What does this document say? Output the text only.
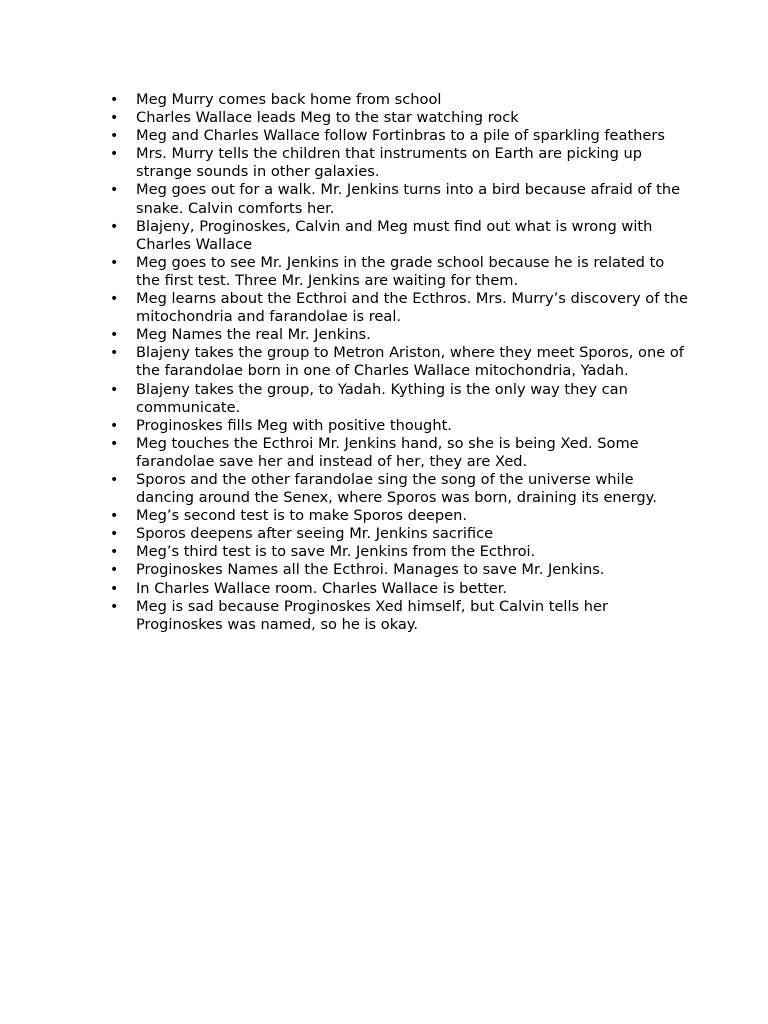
• Meg Murry comes back home from school
• Charles Wallace leads Meg to the star watching rock
• Meg and Charles Wallace follow Fortinbras to a pile of sparkling feathers
• Mrs. Murry tells the children that instruments on Earth are picking up strange sounds in other galaxies.
• Meg goes out for a walk. Mr. Jenkins turns into a bird because afraid of the snake. Calvin comforts her.
• Blajeny, Proginoskes, Calvin and Meg must find out what is wrong with Charles Wallace
• Meg goes to see Mr. Jenkins in the grade school because he is related to the first test. Three Mr. Jenkins are waiting for them.
• Meg learns about the Ecthroi and the Ecthros. Mrs. Murry’s discovery of the mitochondria and farandolae is real.
• Meg Names the real Mr. Jenkins.
• Blajeny takes the group to Metron Ariston, where they meet Sporos, one of the farandolae born in one of Charles Wallace mitochondria, Yadah.
• Blajeny takes the group, to Yadah. Kything is the only way they can communicate.
• Proginoskes fills Meg with positive thought.
• Meg touches the Ecthroi Mr. Jenkins hand, so she is being Xed. Some farandolae save her and instead of her, they are Xed.
• Sporos and the other farandolae sing the song of the universe while dancing around the Senex, where Sporos was born, draining its energy.
• Meg’s second test is to make Sporos deepen.
• Sporos deepens after seeing Mr. Jenkins sacrifice
• Meg’s third test is to save Mr. Jenkins from the Ecthroi.
• Proginoskes Names all the Ecthroi. Manages to save Mr. Jenkins.
• In Charles Wallace room. Charles Wallace is better.
• Meg is sad because Proginoskes Xed himself, but Calvin tells her Proginoskes was named, so he is okay.
